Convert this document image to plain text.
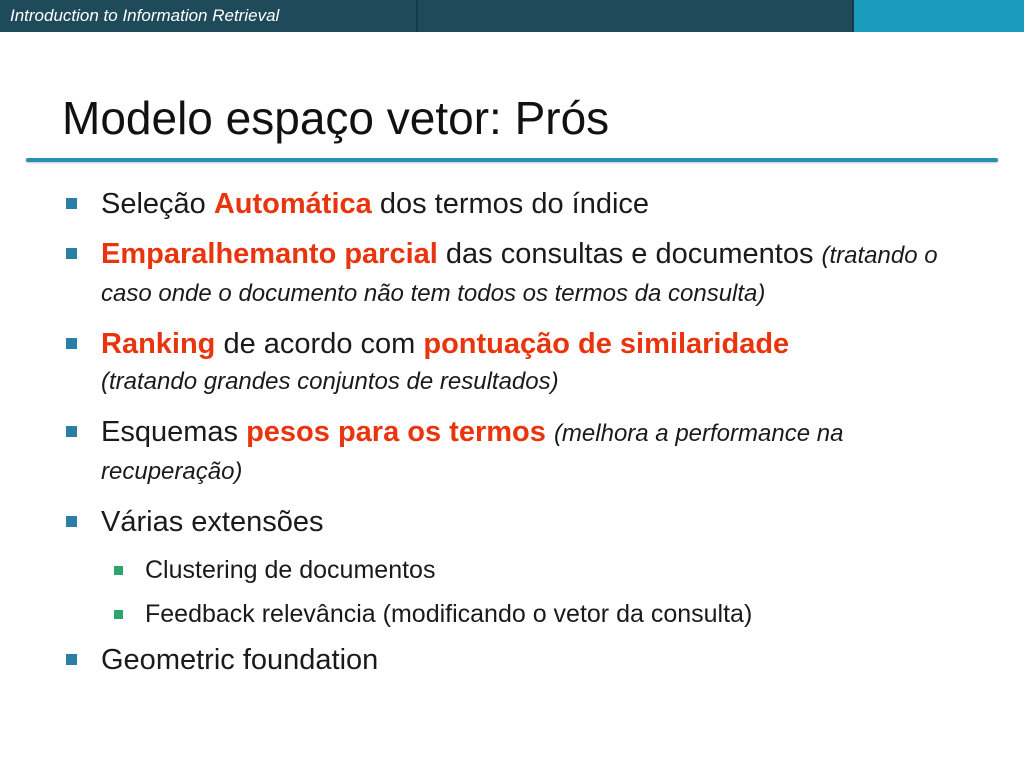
Introduction to Information Retrieval
Modelo espaço vetor: Prós
Seleção Automática dos termos do índice
Emparalhemanto parcial das consultas e documentos (tratando o caso onde o documento não tem todos os termos da consulta)
Ranking de acordo com pontuação de similaridade
(tratando grandes conjuntos de resultados)
Esquemas pesos para os termos (melhora a performance na recuperação)
Várias extensões
Clustering de documentos
Feedback relevância (modificando o vetor da consulta)
Geometric foundation
